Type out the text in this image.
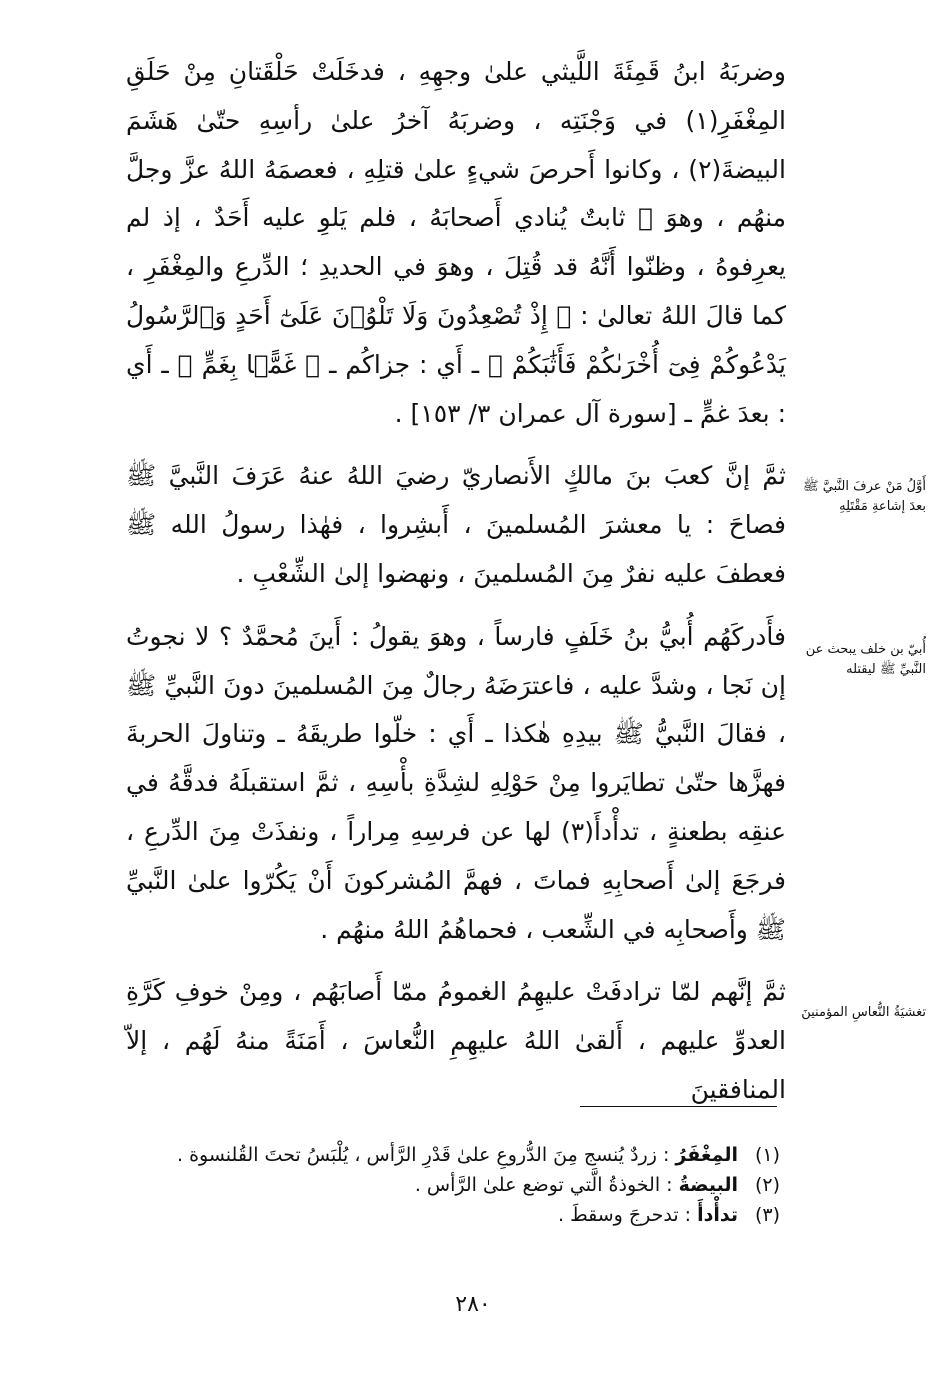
وضربَهُ ابنُ قَمِئَةَ اللَّيثي علىٰ وجهِهِ ، فدخَلَتْ حَلْقَتانِ مِنْ حَلَقِ المِغْفَرِ(١) في وَجْنَتِه ، وضربَهُ آخرُ علىٰ رأسِهِ حتّىٰ هَشَمَ البيضةَ(٢) ، وكانوا أَحرصَ شيءٍ علىٰ قتلِهِ ، فعصمَهُ اللهُ عزَّ وجلَّ منهُم ، وهوَ ﷺ ثابتٌ يُنادي أَصحابَهُ ، فلم يَلوِ عليه أَحَدٌ ، إذ لم يعرِفوهُ ، وظنّوا أَنَّهُ قد قُتِلَ ، وهوَ في الحديدِ ؛ الدِّرعِ والمِغْفَرِ ، كما قالَ اللهُ تعالىٰ : ﴿ إِذْ تُصْعِدُونَ وَلَا تَلْوُۥنَ عَلَىٰٓ أَحَدٍ وَٱلرَّسُولُ يَدْعُوكُمْ فِىٓ أُخْرَىٰكُمْ فَأَثَٰبَكُمْ ﴾ ـ أَي : جزاكُم ـ ﴿ غَمًّۢا بِغَمٍّ ﴾ ـ أَي : بعدَ غمٍّ ـ [سورة آل عمران ٣/ ١٥٣] .

ثمَّ إنَّ كعبَ بنَ مالكٍ الأَنصاريّ رضيَ اللهُ عنهُ عَرَفَ النَّبيَّ ﷺ فصاحَ : يا معشرَ المُسلمينَ ، أَبشِروا ، فهٰذا رسولُ الله ﷺ فعطفَ عليه نفرٌ مِنَ المُسلمينَ ، ونهضوا إلىٰ الشِّعْبِ .

فأَدركَهُم أُبيُّ بنُ خَلَفٍ فارساً ، وهوَ يقولُ : أَينَ مُحمَّدٌ ؟ لا نجوتُ إن نَجا ، وشدَّ عليه ، فاعترَضَهُ رجالٌ مِنَ المُسلمينَ دونَ النَّبيِّ ﷺ ، فقالَ النَّبيُّ ﷺ بيدِهِ هٰكذا ـ أَي : خلّوا طريقَهُ ـ وتناولَ الحربةَ فهزَّها حتّىٰ تطايَروا مِنْ حَوْلِهِ لشِدَّةِ بأْسِهِ ، ثمَّ استقبلَهُ فدقَّهُ في عنقِه بطعنةٍ ، تدأْدأَ(٣) لها عن فرسِهِ مِراراً ، ونفذَتْ مِنَ الدِّرعِ ، فرجَعَ إلىٰ أَصحابِهِ فماتَ ، فهمَّ المُشركونَ أَنْ يَكُرّوا علىٰ النَّبيِّ ﷺ وأَصحابِه في الشِّعب ، فحماهُمُ اللهُ منهُم .

ثمَّ إنَّهم لمّا ترادفَتْ عليهِمُ الغمومُ ممّا أَصابَهُم ، ومِنْ خوفِ كَرَّةِ العدوِّ عليهم ، أَلقىٰ اللهُ عليهِمِ النُّعاسَ ، أَمَنَةً منهُ لَهُم ، إلاّ المنافقينَ

أَوَّلُ مَنْ عرفَ النَّبيَّ ﷺ بعدَ إشاعةِ مَقْتَلِهِ
أُبيّ بن خلف يبحث عن النَّبيِّ ﷺ ليقتله
تغشيَةُ النُّعاسِ المؤمنينَ

(١)المِغْفَرُ : زردٌ يُنسج مِنَ الدُّروعِ علىٰ قَدْرِ الرَّأس ، يُلْبَسُ تحتَ القُلنسوة .

(٢)البيضةُ : الخوذةُ الَّتي توضع علىٰ الرَّأس .

(٣)تدأْدأَ : تدحرجَ وسقطَ .

٢٨٠
